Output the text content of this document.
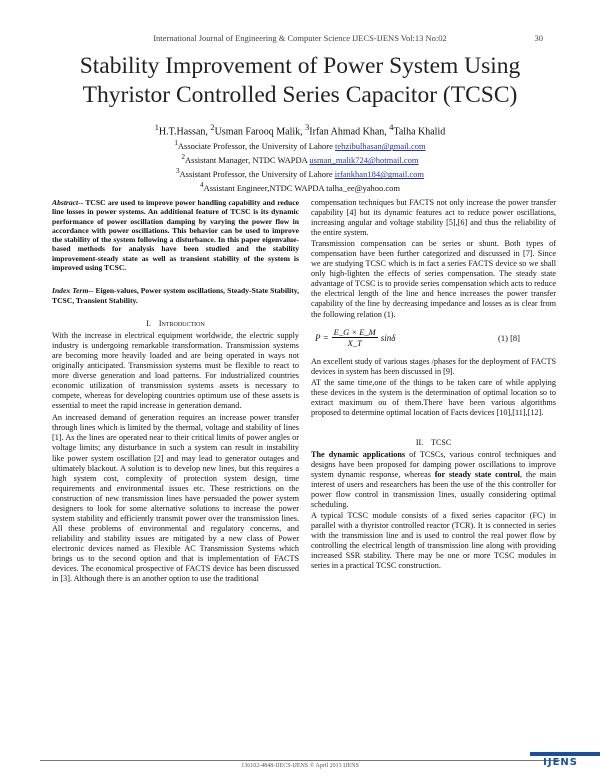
International Journal of Engineering & Computer Science IJECS-IJENS Vol:13 No:02	30
Stability Improvement of Power System Using
Thyristor Controlled Series Capacitor (TCSC)
$^1$H.T.Hassan, $^2$Usman Farooq Malik, $^3$Irfan Ahmad Khan, $^4$Talha Khalid
$^1$Associate Professor, the University of Lahore tehzibulhasan@gmail.com
$^2$Assistant Manager, NTDC WAPDA usman_malik724@hotmail.com
$^3$Assistant Professor, the University of Lahore irfankhan184@gmail.com
$^4$Assistant Engineer,NTDC WAPDA talha_ee@yahoo.com

Abstract-- TCSC are used to improve power handling capability and reduce line losses in power systems. An additional feature of TCSC is its dynamic performance of power oscillation damping by varying the power flow in accordance with power oscillations. This behavior can be used to improve the stability of the system following a disturbance. In this paper eigenvalue-based methods for analysis have been studied and the stability improvement-steady state as well as transient stability of the system is improved using TCSC.

Index Term-- Eigen-values, Power system oscillations, Steady-State Stability, TCSC, Transient Stability.

I. Introduction

With the increase in electrical equipment worldwide, the electric supply industry is undergoing remarkable transformation. Transmission systems are becoming more heavily loaded and are being operated in ways not originally anticipated. Transmission systems must be flexible to react to more diverse generation and load patterns. For industrialized countries economic utilization of transmission systems assets is necessary to compete, whereas for developing countries optimum use of these assets is essential to meet the rapid increase in generation demand.

An increased demand of generation requires an increase power transfer through lines which is limited by the thermal, voltage and stability of lines [1]. As the lines are operated near to their critical limits of power angles or voltage limits; any disturbance in such a system can result in instability like power system oscillation [2] and may lead to generator outages and ultimately blackout. A solution is to develop new lines, but this requires a high system cost, complexity of protection system design, time requirements and environmental issues etc. These restrictions on the construction of new transmission lines have persuaded the power system designers to look for some alternative solutions to increase the power system stability and efficiently transmit power over the transmission lines. All these problems of environmental and regulatory concerns, and reliability and stability issues are mitigated by a new class of Power electronic devices named as Flexible AC Transmission Systems which brings us to the second option and that is implementation of FACTS devices. The economical prospective of FACTS device has been discussed in [3]. Although there is an another option to use the traditional

compensation techniques but FACTS not only increase the power transfer capability [4] but its dynamic features act to reduce power oscillations, increasing angular and voltage stability [5],[6] and thus the reliability of the entire system.

Transmission compensation can be series or shunt. Both types of compensation have been further categorized and discussed in [7]. Since we are studying TCSC which is in fact a series FACTS device so we shall only high-lighten the effects of series compensation. The steady state advantage of TCSC is to provide series compensation which acts to reduce the electrical length of the line and hence increases the power transfer capability of the line by decreasing impedance and losses as is clear from the following relation (1).

$P = \frac{E\_G \times E\_M}{X\_T}$ sinδ	(1) [8]

An excellent study of various stages /phases for the deployment of FACTS devices in system has been discussed in [9].

AT the same time,one of the things to be taken care of while applying these devices in the system is the determination of optimal location so to extract maximum ou of them.There have been various algorithms proposed to determine optimal location of Facts devices [10],[11],[12].

II. TCSC

The dynamic applications of TCSCs, various control techniques and designs have been proposed for damping power oscillations to improve system dynamic response, whereas for steady state control, the main interest of users and researchers has been the use of the this controller for power flow control in transmission lines, usually considering optimal scheduling.

A typical TCSC module consists of a fixed series capacitor (FC) in parallel with a thyristor controlled reactor (TCR). It is connected in series with the transmission line and is used to control the real power flow by controlling the electrical length of transmission line along with providing increased SSR stability. There may be one or more TCSC modules in series in a practical TCSC construction.

136102-4848-IJECS-IJENS © April 2013 IJENS	IJENS
